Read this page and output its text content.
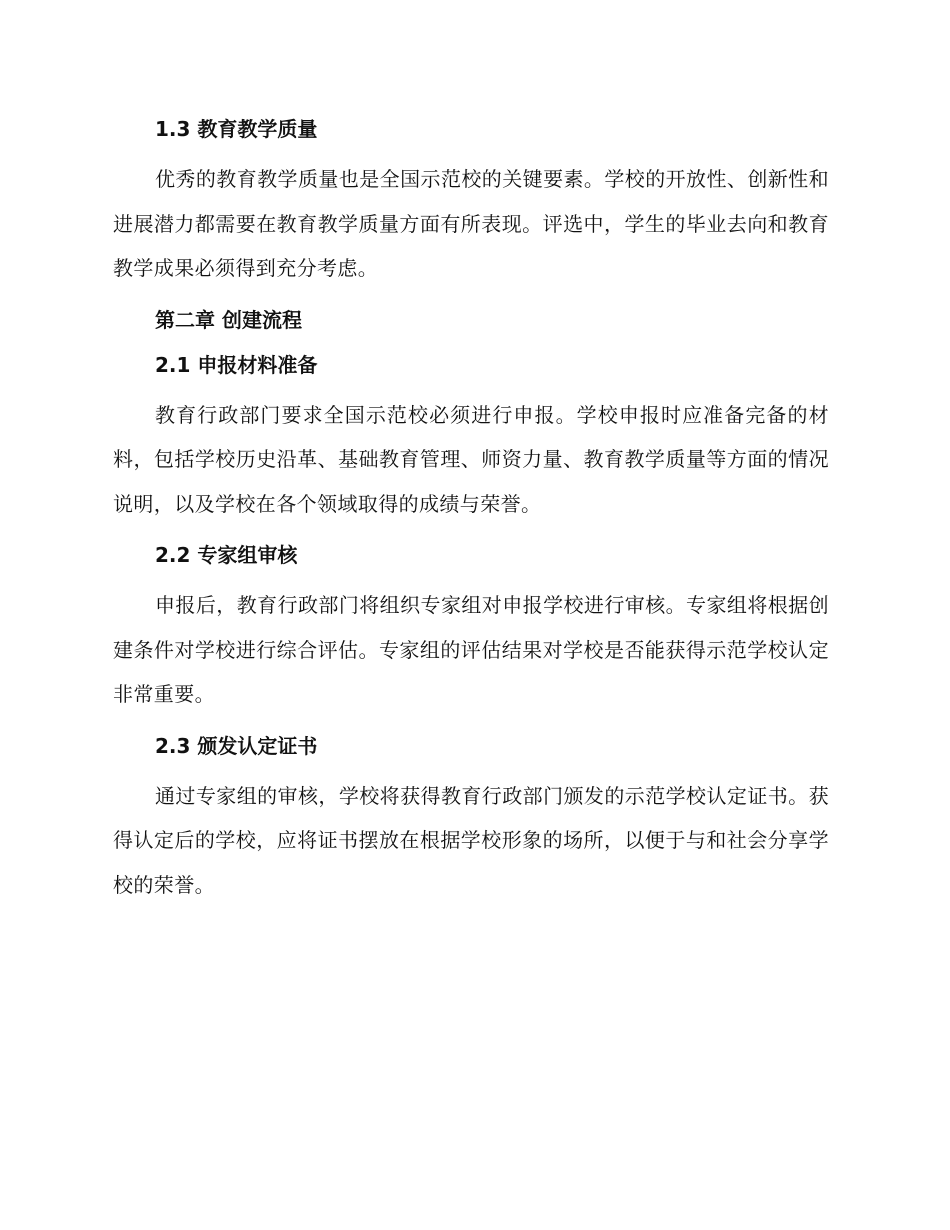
1.3 教育教学质量

优秀的教育教学质量也是全国示范校的关键要素。学校的开放性、创新性和进展潜力都需要在教育教学质量方面有所表现。评选中，学生的毕业去向和教育教学成果必须得到充分考虑。

第二章 创建流程
2.1 申报材料准备

教育行政部门要求全国示范校必须进行申报。学校申报时应准备完备的材料，包括学校历史沿革、基础教育管理、师资力量、教育教学质量等方面的情况说明，以及学校在各个领域取得的成绩与荣誉。

2.2 专家组审核

申报后，教育行政部门将组织专家组对申报学校进行审核。专家组将根据创建条件对学校进行综合评估。专家组的评估结果对学校是否能获得示范学校认定非常重要。

2.3 颁发认定证书

通过专家组的审核，学校将获得教育行政部门颁发的示范学校认定证书。获得认定后的学校，应将证书摆放在根据学校形象的场所，以便于与和社会分享学校的荣誉。
